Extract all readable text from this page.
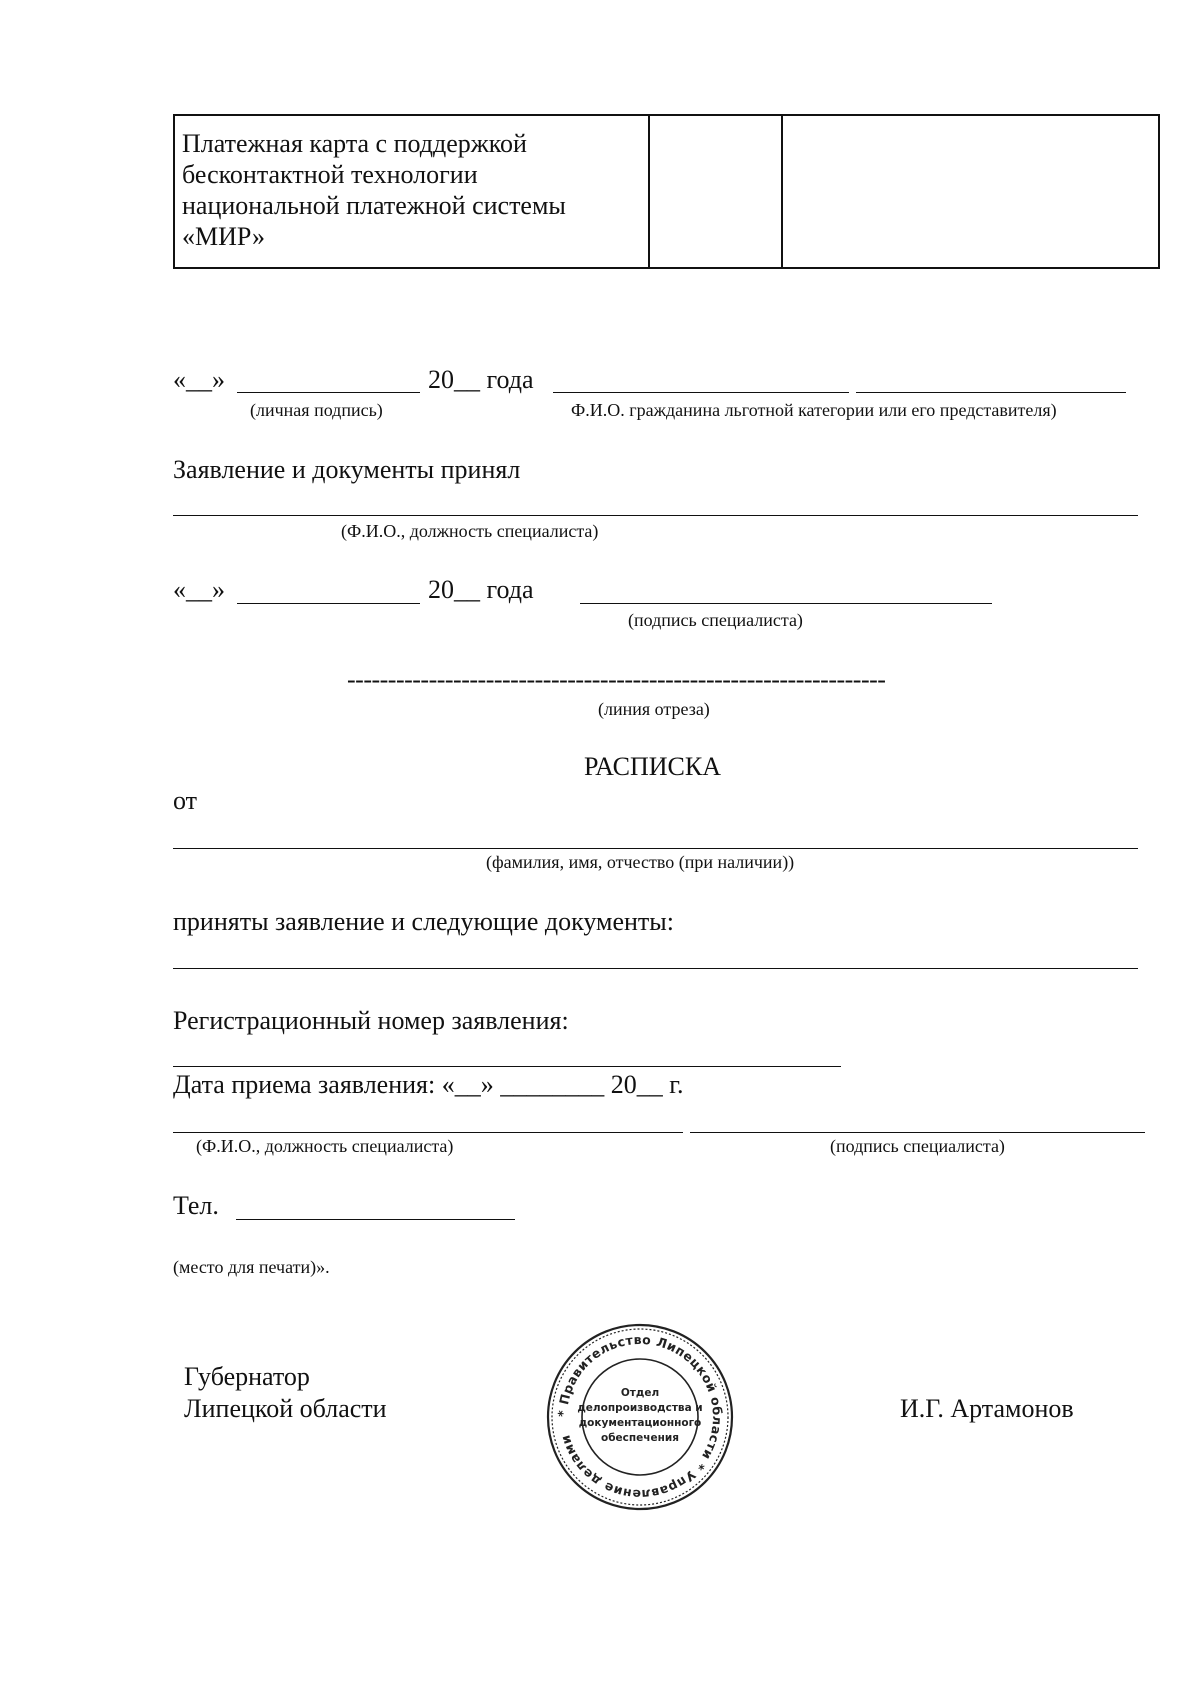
Платежная карта с поддержкой
бесконтактной технологии
национальной платежной системы
«МИР»

«__»	20__ года
(личная подпись)	Ф.И.О. гражданина льготной категории или его представителя)
Заявление и документы принял
(Ф.И.О., должность специалиста)
«__»	20__ года
(подпись специалиста)
------------------------------------------------------------------
(линия отреза)
РАСПИСКА
от
(фамилия, имя, отчество (при наличии))
приняты заявление и следующие документы:
Регистрационный номер заявления:
Дата приема заявления: «__» ________ 20__ г.
(Ф.И.О., должность специалиста)	(подпись специалиста)
Тел.
(место для печати)».
Губернатор
Липецкой области	И.Г. Артамонов
* Правительство Липецкой области * Управление делами
Отдел
делопроизводства и
документационного
обеспечения
